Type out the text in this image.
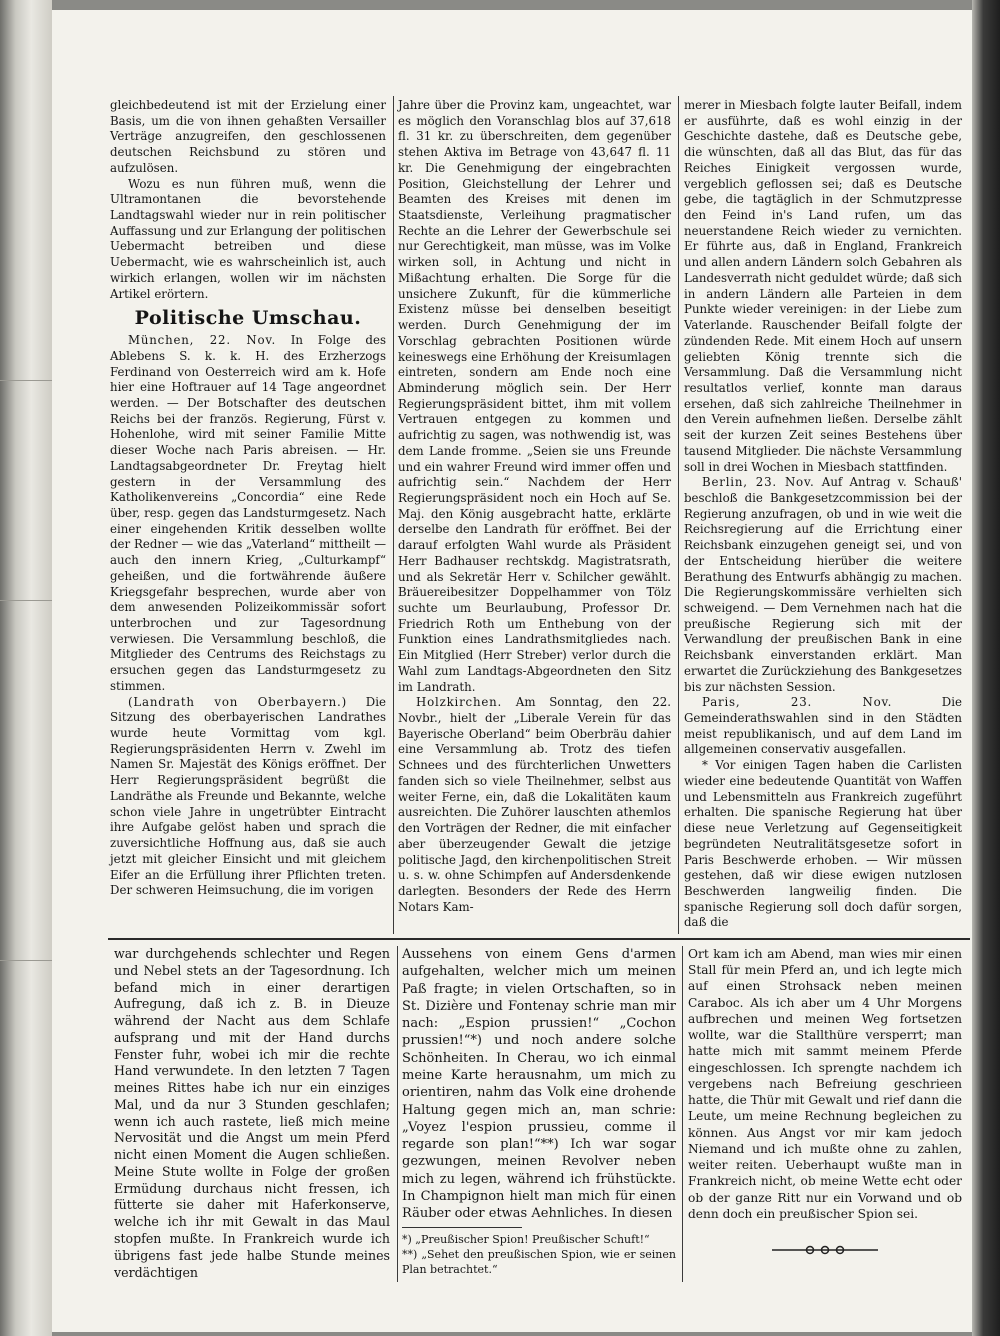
gleichbedeutend ist mit der Erzielung einer Basis, um die von ihnen gehaßten Versailler Verträge anzugreifen, den geschlossenen deutschen Reichsbund zu stören und aufzulösen.

Wozu es nun führen muß, wenn die Ultramontanen die bevorstehende Landtagswahl wieder nur in rein politischer Auffassung und zur Erlangung der politischen Uebermacht betreiben und diese Uebermacht, wie es wahrscheinlich ist, auch wirkich erlangen, wollen wir im nächsten Artikel erörtern.

Politische Umschau.

München, 22. Nov. In Folge des Ablebens S. k. k. H. des Erzherzogs Ferdinand von Oesterreich wird am k. Hofe hier eine Hoftrauer auf 14 Tage angeordnet werden. — Der Botschafter des deutschen Reichs bei der französ. Regierung, Fürst v. Hohenlohe, wird mit seiner Familie Mitte dieser Woche nach Paris abreisen. — Hr. Landtagsabgeordneter Dr. Freytag hielt gestern in der Versammlung des Katholikenvereins „Concordia“ eine Rede über, resp. gegen das Landsturmgesetz. Nach einer eingehenden Kritik desselben wollte der Redner — wie das „Vaterland“ mittheilt — auch den innern Krieg, „Culturkampf“ geheißen, und die fortwährende äußere Kriegsgefahr besprechen, wurde aber von dem anwesenden Polizeikommissär sofort unterbrochen und zur Tagesordnung verwiesen. Die Versammlung beschloß, die Mitglieder des Centrums des Reichstags zu ersuchen gegen das Landsturmgesetz zu stimmen.

(Landrath von Oberbayern.) Die Sitzung des oberbayerischen Landrathes wurde heute Vormittag vom kgl. Regierungspräsidenten Herrn v. Zwehl im Namen Sr. Majestät des Königs eröffnet. Der Herr Regierungspräsident begrüßt die Landräthe als Freunde und Bekannte, welche schon viele Jahre in ungetrübter Eintracht ihre Aufgabe gelöst haben und sprach die zuversichtliche Hoffnung aus, daß sie auch jetzt mit gleicher Einsicht und mit gleichem Eifer an die Erfüllung ihrer Pflichten treten. Der schweren Heimsuchung, die im vorigen

Jahre über die Provinz kam, ungeachtet, war es möglich den Voranschlag blos auf 37,618 fl. 31 kr. zu überschreiten, dem gegenüber stehen Aktiva im Betrage von 43,647 fl. 11 kr. Die Genehmigung der eingebrachten Position, Gleichstellung der Lehrer und Beamten des Kreises mit denen im Staatsdienste, Verleihung pragmatischer Rechte an die Lehrer der Gewerbschule sei nur Gerechtigkeit, man müsse, was im Volke wirken soll, in Achtung und nicht in Mißachtung erhalten. Die Sorge für die unsichere Zukunft, für die kümmerliche Existenz müsse bei denselben beseitigt werden. Durch Genehmigung der im Vorschlag gebrachten Positionen würde keineswegs eine Erhöhung der Kreisumlagen eintreten, sondern am Ende noch eine Abminderung möglich sein. Der Herr Regierungspräsident bittet, ihm mit vollem Vertrauen entgegen zu kommen und aufrichtig zu sagen, was nothwendig ist, was dem Lande fromme. „Seien sie uns Freunde und ein wahrer Freund wird immer offen und aufrichtig sein.“ Nachdem der Herr Regierungspräsident noch ein Hoch auf Se. Maj. den König ausgebracht hatte, erklärte derselbe den Landrath für eröffnet. Bei der darauf erfolgten Wahl wurde als Präsident Herr Badhauser rechtskdg. Magistratsrath, und als Sekretär Herr v. Schilcher gewählt. Bräuereibesitzer Doppelhammer von Tölz suchte um Beurlaubung, Professor Dr. Friedrich Roth um Enthebung von der Funktion eines Landrathsmitgliedes nach. Ein Mitglied (Herr Streber) verlor durch die Wahl zum Landtags-Abgeordneten den Sitz im Landrath.

Holzkirchen. Am Sonntag, den 22. Novbr., hielt der „Liberale Verein für das Bayerische Oberland“ beim Oberbräu dahier eine Versammlung ab. Trotz des tiefen Schnees und des fürchterlichen Unwetters fanden sich so viele Theilnehmer, selbst aus weiter Ferne, ein, daß die Lokalitäten kaum ausreichten. Die Zuhörer lauschten athemlos den Vorträgen der Redner, die mit einfacher aber überzeugender Gewalt die jetzige politische Jagd, den kirchenpolitischen Streit u. s. w. ohne Schimpfen auf Andersdenkende darlegten. Besonders der Rede des Herrn Notars Kam-

merer in Miesbach folgte lauter Beifall, indem er ausführte, daß es wohl einzig in der Geschichte dastehe, daß es Deutsche gebe, die wünschten, daß all das Blut, das für das Reiches Einigkeit vergossen wurde, vergeblich geflossen sei; daß es Deutsche gebe, die tagtäglich in der Schmutzpresse den Feind in's Land rufen, um das neuerstandene Reich wieder zu vernichten. Er führte aus, daß in England, Frankreich und allen andern Ländern solch Gebahren als Landesverrath nicht geduldet würde; daß sich in andern Ländern alle Parteien in dem Punkte wieder vereinigen: in der Liebe zum Vaterlande. Rauschender Beifall folgte der zündenden Rede. Mit einem Hoch auf unsern geliebten König trennte sich die Versammlung. Daß die Versammlung nicht resultatlos verlief, konnte man daraus ersehen, daß sich zahlreiche Theilnehmer in den Verein aufnehmen ließen. Derselbe zählt seit der kurzen Zeit seines Bestehens über tausend Mitglieder. Die nächste Versammlung soll in drei Wochen in Miesbach stattfinden.

Berlin, 23. Nov. Auf Antrag v. Schauß' beschloß die Bankgesetzcommission bei der Regierung anzufragen, ob und in wie weit die Reichsregierung auf die Errichtung einer Reichsbank einzugehen geneigt sei, und von der Entscheidung hierüber die weitere Berathung des Entwurfs abhängig zu machen. Die Regierungskommissäre verhielten sich schweigend. — Dem Vernehmen nach hat die preußische Regierung sich mit der Verwandlung der preußischen Bank in eine Reichsbank einverstanden erklärt. Man erwartet die Zurückziehung des Bankgesetzes bis zur nächsten Session.

Paris, 23. Nov.	Die Gemeinderathswahlen sind in den Städten meist republikanisch, und auf dem Land im allgemeinen conservativ ausgefallen.

* Vor einigen Tagen haben die Carlisten wieder eine bedeutende Quantität von Waffen und Lebensmitteln aus Frankreich zugeführt erhalten. Die spanische Regierung hat über diese neue Verletzung auf Gegenseitigkeit begründeten Neutralitätsgesetze sofort in Paris Beschwerde erhoben. — Wir müssen gestehen, daß wir diese ewigen nutzlosen Beschwerden langweilig finden. Die spanische Regierung soll doch dafür sorgen, daß die

war durchgehends schlechter und Regen und Nebel stets an der Tagesordnung. Ich befand mich in einer derartigen Aufregung, daß ich z. B. in Dieuze während der Nacht aus dem Schlafe aufsprang und mit der Hand durchs Fenster fuhr, wobei ich mir die rechte Hand verwundete. In den letzten 7 Tagen meines Rittes habe ich nur ein einziges Mal, und da nur 3 Stunden geschlafen; wenn ich auch rastete, ließ mich meine Nervosität und die Angst um mein Pferd nicht einen Moment die Augen schließen. Meine Stute wollte in Folge der großen Ermüdung durchaus nicht fressen, ich fütterte sie daher mit Haferkonserve, welche ich ihr mit Gewalt in das Maul stopfen mußte. In Frankreich wurde ich übrigens fast jede halbe Stunde meines verdächtigen

Aussehens von einem Gens d'armen aufgehalten, welcher mich um meinen Paß fragte; in vielen Ortschaften, so in St. Dizière und Fontenay schrie man mir nach: „Espion prussien!“ „Cochon prussien!“*) und noch andere solche Schönheiten. In Cherau, wo ich einmal meine Karte herausnahm, um mich zu orientiren, nahm das Volk eine drohende Haltung gegen mich an, man schrie: „Voyez l'espion prussieu, comme il regarde son plan!“**) Ich war sogar gezwungen, meinen Revolver neben mich zu legen, während ich frühstückte. In Champignon hielt man mich für einen Räuber oder etwas Aehnliches. In diesen

*) „Preußischer Spion! Preußischer Schuft!“

**) „Sehet den preußischen Spion, wie er seinen Plan betrachtet.“

Ort kam ich am Abend, man wies mir einen Stall für mein Pferd an, und ich legte mich auf einen Strohsack neben meinen Caraboc. Als ich aber um 4 Uhr Morgens aufbrechen und meinen Weg fortsetzen wollte, war die Stallthüre versperrt; man hatte mich mit sammt meinem Pferde eingeschlossen. Ich sprengte nachdem ich vergebens nach Befreiung geschrieen hatte, die Thür mit Gewalt und rief dann die Leute, um meine Rechnung begleichen zu können. Aus Angst vor mir kam jedoch Niemand und ich mußte ohne zu zahlen, weiter reiten. Ueberhaupt wußte man in Frankreich nicht, ob meine Wette echt oder ob der ganze Ritt nur ein Vorwand und ob denn doch ein preußischer Spion sei.
